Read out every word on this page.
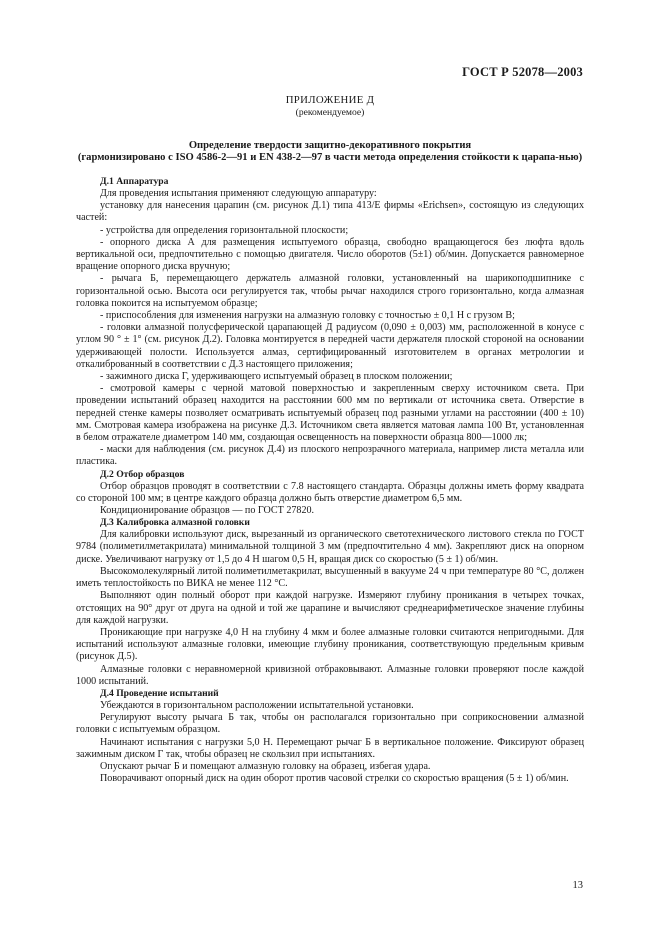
ГОСТ Р 52078—2003
ПРИЛОЖЕНИЕ Д
(рекомендуемое)
Определение твердости защитно-декоративного покрытия
(гармонизировано с ISO 4586-2—91 и EN 438-2—97 в части метода определения стойкости к царапа-нью)
Д.1 Аппаратура

Для проведения испытания применяют следующую аппаратуру:

установку для нанесения царапин (см. рисунок Д.1) типа 413/Е фирмы «Erichsen», состоящую из следующих частей:

- устройства для определения горизонтальной плоскости;

- опорного диска А для размещения испытуемого образца, свободно вращающегося без люфта вдоль вертикальной оси, предпочтительно с помощью двигателя. Число оборотов (5±1) об/мин. Допускается равномерное вращение опорного диска вручную;

- рычага Б, перемещающего держатель алмазной головки, установленный на шарикоподшипнике с горизонтальной осью. Высота оси регулируется так, чтобы рычаг находился строго горизонтально, когда алмазная головка покоится на испытуемом образце;

- приспособления для изменения нагрузки на алмазную головку с точностью ± 0,1 Н с грузом В;

- головки алмазной полусферической царапающей Д радиусом (0,090 ± 0,003) мм, расположенной в конусе с углом 90 ° ± 1° (см. рисунок Д.2). Головка монтируется в передней части держателя плоской стороной на основании удерживающей полости. Используется алмаз, сертифицированный изготовителем в органах метрологии и откалиброванный в соответствии с Д.3 настоящего приложения;

- зажимного диска Г, удерживающего испытуемый образец в плоском положении;

- смотровой камеры с черной матовой поверхностью и закрепленным сверху источником света. При проведении испытаний образец находится на расстоянии 600 мм по вертикали от источника света. Отверстие в передней стенке камеры позволяет осматривать испытуемый образец под разными углами на расстоянии (400 ± 10) мм. Смотровая камера изображена на рисунке Д.3. Источником света является матовая лампа 100 Вт, установленная в белом отражателе диаметром 140 мм, создающая освещенность на поверхности образца 800—1000 лк;

- маски для наблюдения (см. рисунок Д.4) из плоского непрозрачного материала, например листа металла или пластика.

Д.2 Отбор образцов

Отбор образцов проводят в соответствии с 7.8 настоящего стандарта. Образцы должны иметь форму квадрата со стороной 100 мм; в центре каждого образца должно быть отверстие диаметром 6,5 мм.

Кондиционирование образцов — по ГОСТ 27820.

Д.3 Калибровка алмазной головки

Для калибровки используют диск, вырезанный из органического светотехнического листового стекла по ГОСТ 9784 (полиметилметакрилата) минимальной толщиной 3 мм (предпочтительно 4 мм). Закрепляют диск на опорном диске. Увеличивают нагрузку от 1,5 до 4 Н шагом 0,5 Н, вращая диск со скоростью (5 ± 1) об/мин.

Высокомолекулярный литой полиметилметакрилат, высушенный в вакууме 24 ч при температуре 80 °С, должен иметь теплостойкость по ВИКА не менее 112 °С.

Выполняют один полный оборот при каждой нагрузке. Измеряют глубину проникания в четырех точках, отстоящих на 90° друг от друга на одной и той же царапине и вычисляют среднеарифметическое значение глубины для каждой нагрузки.

Проникающие при нагрузке 4,0 Н на глубину 4 мкм и более алмазные головки считаются непригодными. Для испытаний используют алмазные головки, имеющие глубину проникания, соответствующую предельным кривым (рисунок Д.5).

Алмазные головки с неравномерной кривизной отбраковывают. Алмазные головки проверяют после каждой 1000 испытаний.

Д.4 Проведение испытаний

Убеждаются в горизонтальном расположении испытательной установки.

Регулируют высоту рычага Б так, чтобы он располагался горизонтально при соприкосновении алмазной головки с испытуемым образцом.

Начинают испытания с нагрузки 5,0 Н. Перемещают рычаг Б в вертикальное положение. Фиксируют образец зажимным диском Г так, чтобы образец не скользил при испытаниях.

Опускают рычаг Б и помещают алмазную головку на образец, избегая удара.

Поворачивают опорный диск на один оборот против часовой стрелки со скоростью вращения (5 ± 1) об/мин.

13
